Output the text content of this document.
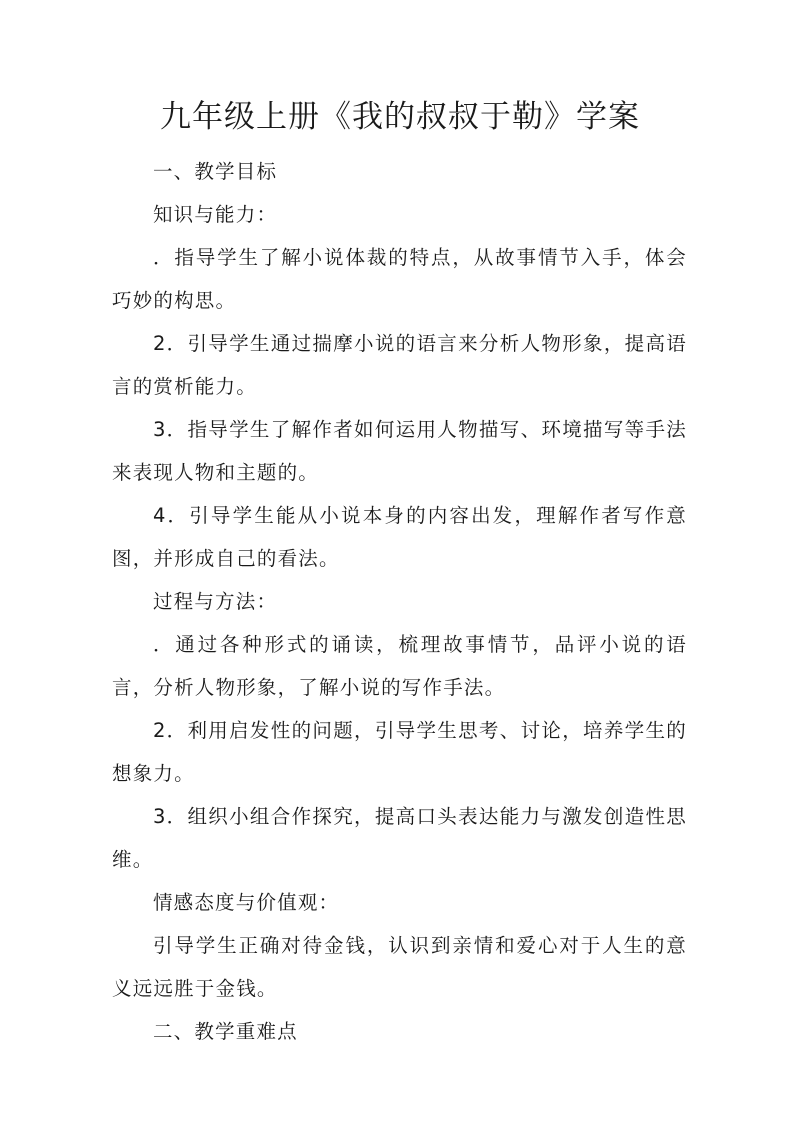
九年级上册《我的叔叔于勒》学案

一、教学目标

知识与能力：

．指导学生了解小说体裁的特点，从故事情节入手，体会巧妙的构思。

2．引导学生通过揣摩小说的语言来分析人物形象，提高语言的赏析能力。

3．指导学生了解作者如何运用人物描写、环境描写等手法来表现人物和主题的。

4．引导学生能从小说本身的内容出发，理解作者写作意图，并形成自己的看法。

过程与方法：

．通过各种形式的诵读，梳理故事情节，品评小说的语言，分析人物形象，了解小说的写作手法。

2．利用启发性的问题，引导学生思考、讨论，培养学生的想象力。

3．组织小组合作探究，提高口头表达能力与激发创造性思维。

情感态度与价值观：

引导学生正确对待金钱，认识到亲情和爱心对于人生的意义远远胜于金钱。

二、教学重难点
